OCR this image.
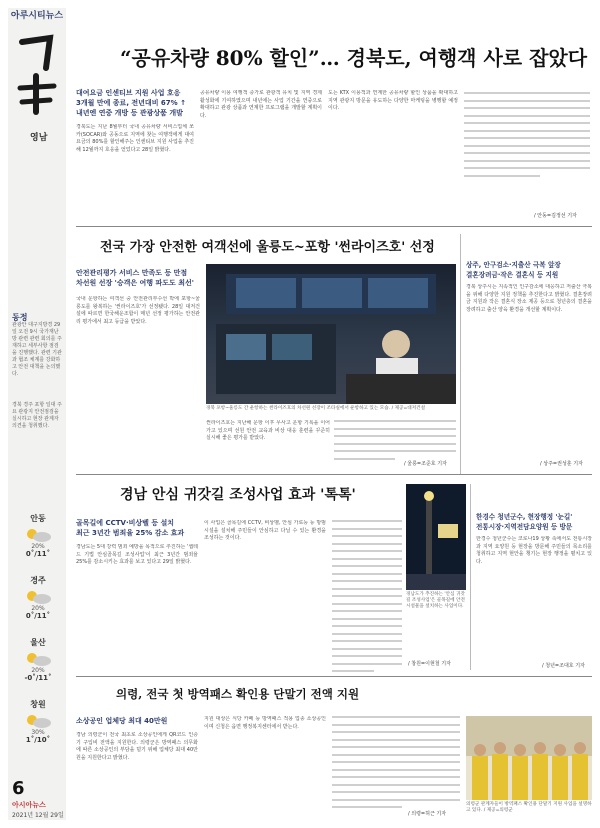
아루시티뉴스
영남
동정
관광안 대구지방경 29일 오전 9시 국가재난방 관련 관련 회의를 주재하고 세부사항 점검을 진행했다. 관련 기관과 협조 체계를 강화하고 안전 대책을 논의했다.
경북 경주 포항 일대 주요 관광지 안전점검을 실시하고 현장 관계자 의견을 청취했다.
안동
20%
0˚/11˚
경주
20%
0˚/11˚
울산
20%
-0˚/11˚
창원
30%
1˚/10˚
6
아시아뉴스
2021년 12월 29일
“공유차량 80% 할인”… 경북도, 여행객 사로 잡았다
대여요금 인센티브 지원 사업 호응
3개월 만에 종료, 전년대비 67% ↑
내년엔 연중 개방 등 관광상품 개발
경북도는 지난 8월부터 국내 공유차량 서비스업체 쏘카(SOCAR)와 공동으로 지역에 찾는 여행객에게 대여요금의 80%를 할인해주는 인센티브 지원 사업을 추진해 12월까지 호응을 얻었다고 28일 밝혔다.
공유차량 이용 여행객 증가로 관광객 유치 및 지역 경제 활성화에 기여하였으며 내년에는 사업 기간을 연중으로 확대하고 관광 상품과 연계한 프로그램을 개발할 계획이다.
도는 KTX 이용객과 연계한 공유차량 할인 상품을 확대하고 지역 관광지 방문을 유도하는 다양한 마케팅을 병행할 예정이다.
/ 안동=김정선 기자
전국 가장 안전한 여객선에 울릉도~포항 '썬라이즈호' 선정
안전관리평가 서비스 만족도 등 만점
차선원 선장 '승객은 여행 파도도 최선'
국내 운항하는 여객선 중 안전관리부수선 박에 포항~울릉도를 왕복하는 '썬라이즈호'가 선정됐다. 28일 대저건설에 따르면 한국해운조합이 매년 선정 평가하는 안전관리 평가에서 최고 등급을 받았다.
경북 포항~울릉도 간 운항하는 썬라이즈호의 차선원 선장이 조타실에서 운항하고 있는 모습. / 제공=대저건설
썬라이즈호는 지난해 운항 이후 무사고 운항 기록을 이어가고 있으며 선원 안전 교육과 비상 대응 훈련을 꾸준히 실시해 좋은 평가를 받았다.
/ 울릉=조준호 기자
상주, 안구검소·지출산 극복 앞장
결혼장려금·작은 결혼식 등 지원
경북 상주시는 지속적인 인구감소에 대응하고 저출산 극복을 위해 다양한 지원 정책을 추진한다고 밝혔다. 결혼장려금 지원과 작은 결혼식 장소 제공 등으로 청년층의 결혼을 장려하고 출산 양육 환경을 개선할 계획이다.
/ 상주=권성훈 기자
경남 안심 귀갓길 조성사업 효과 '톡톡'
골목길에 CCTV·비상벨 등 설치
최근 3년간 범죄율 25% 감소 효과
경남도는 5대 강력 범죄 예방을 목적으로 추진하는 '셉테드 기법 안심골목길 조성사업'이 최근 3년간 범죄율 25%를 감소시키는 효과를 보고 있다고 29일 밝혔다.
이 사업은 골목길에 CCTV, 비상벨, 안심 가로등 등 방범 시설을 설치해 주민들이 안심하고 다닐 수 있는 환경을 조성하는 것이다.
경남도가 추진하는 '안심 귀갓길 조성사업'은 골목길에 안전 시설물을 설치하는 사업이다.
/ 창원=이현철 기자
한경수 청년군수, 현장행정 '눈길'
전통시장·지역전담요양원 등 방문
한경수 청년군수는 코로나19 상황 속에서도 전통시장과 지역 요양원 등 현장을 방문해 주민들의 목소리를 청취하고 지역 현안을 챙기는 현장 행정을 펼치고 있다.
/ 청년=조대호 기자
의령, 전국 첫 방역패스 확인용 단말기 전액 지원
소상공인 업체당 최대 40만원
경남 의령군이 전국 최초로 소상공인에게 QR코드 인증기 구입비 전액을 지원한다. 의령군은 방역패스 의무화에 따른 소상공인의 부담을 덜기 위해 업체당 최대 40만원을 지원한다고 밝혔다.
지원 대상은 식당 카페 등 방역패스 적용 업종 소상공인이며 신청은 읍면 행정복지센터에서 받는다.
/ 의령=허근 기자
의령군 관계자들이 방역패스 확인용 단말기 지원 사업을 설명하고 있다. / 제공=의령군
